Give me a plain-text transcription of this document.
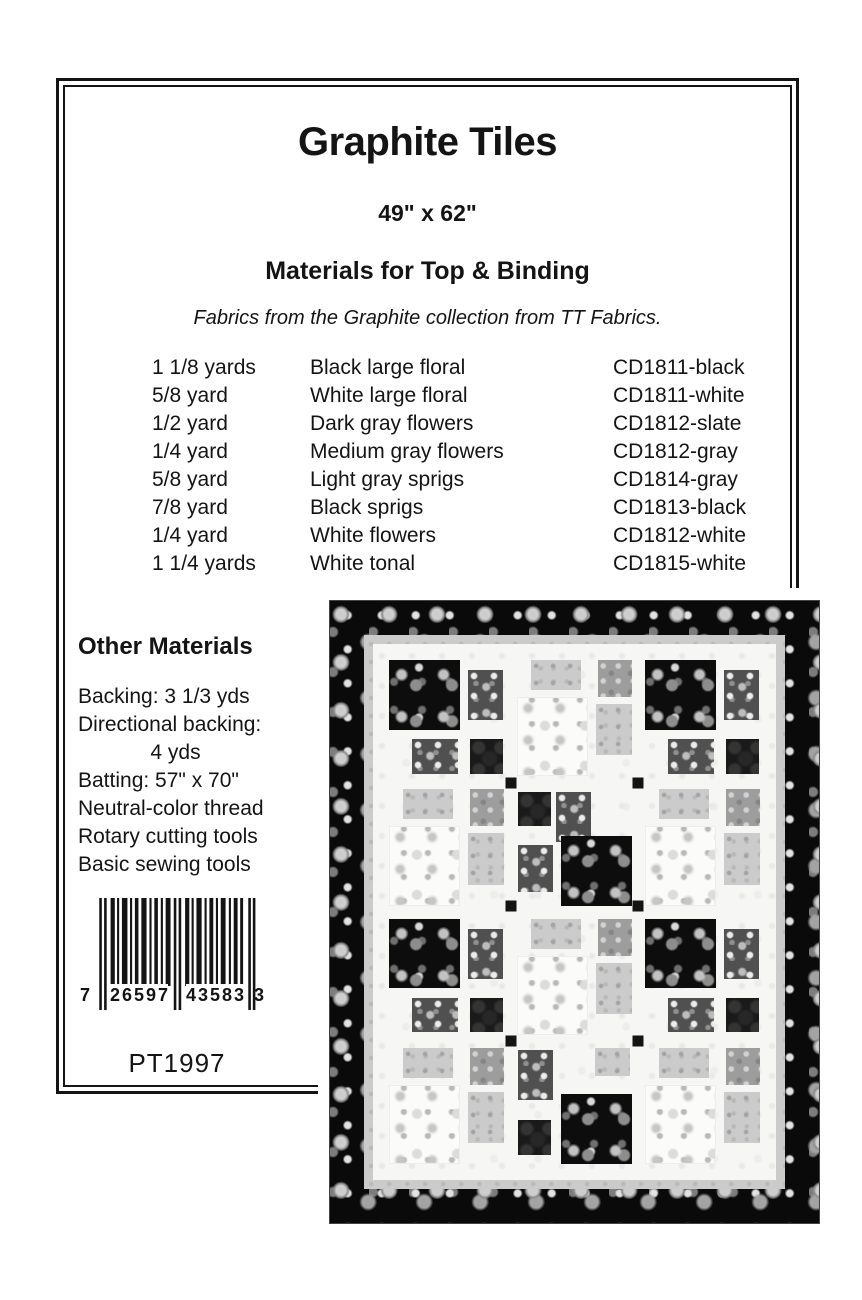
Graphite Tiles
49" x 62"
Materials for Top & Binding
Fabrics from the Graphite collection from TT Fabrics.
1 1/8 yards	Black large floral	CD1811-black
5/8 yard	White large floral	CD1811-white
1/2 yard	Dark gray flowers	CD1812-slate
1/4 yard	Medium gray flowers	CD1812-gray
5/8 yard	Light gray sprigs	CD1814-gray
7/8 yard	Black sprigs	CD1813-black
1/4 yard	White flowers	CD1812-white
1 1/4 yards	White tonal	CD1815-white
Other Materials
Backing: 3 1/3 yds
Directional backing:
4 yds
Batting: 57" x 70"
Neutral-color thread
Rotary cutting tools
Basic sewing tools
7 26597 43583 3
PT1997
